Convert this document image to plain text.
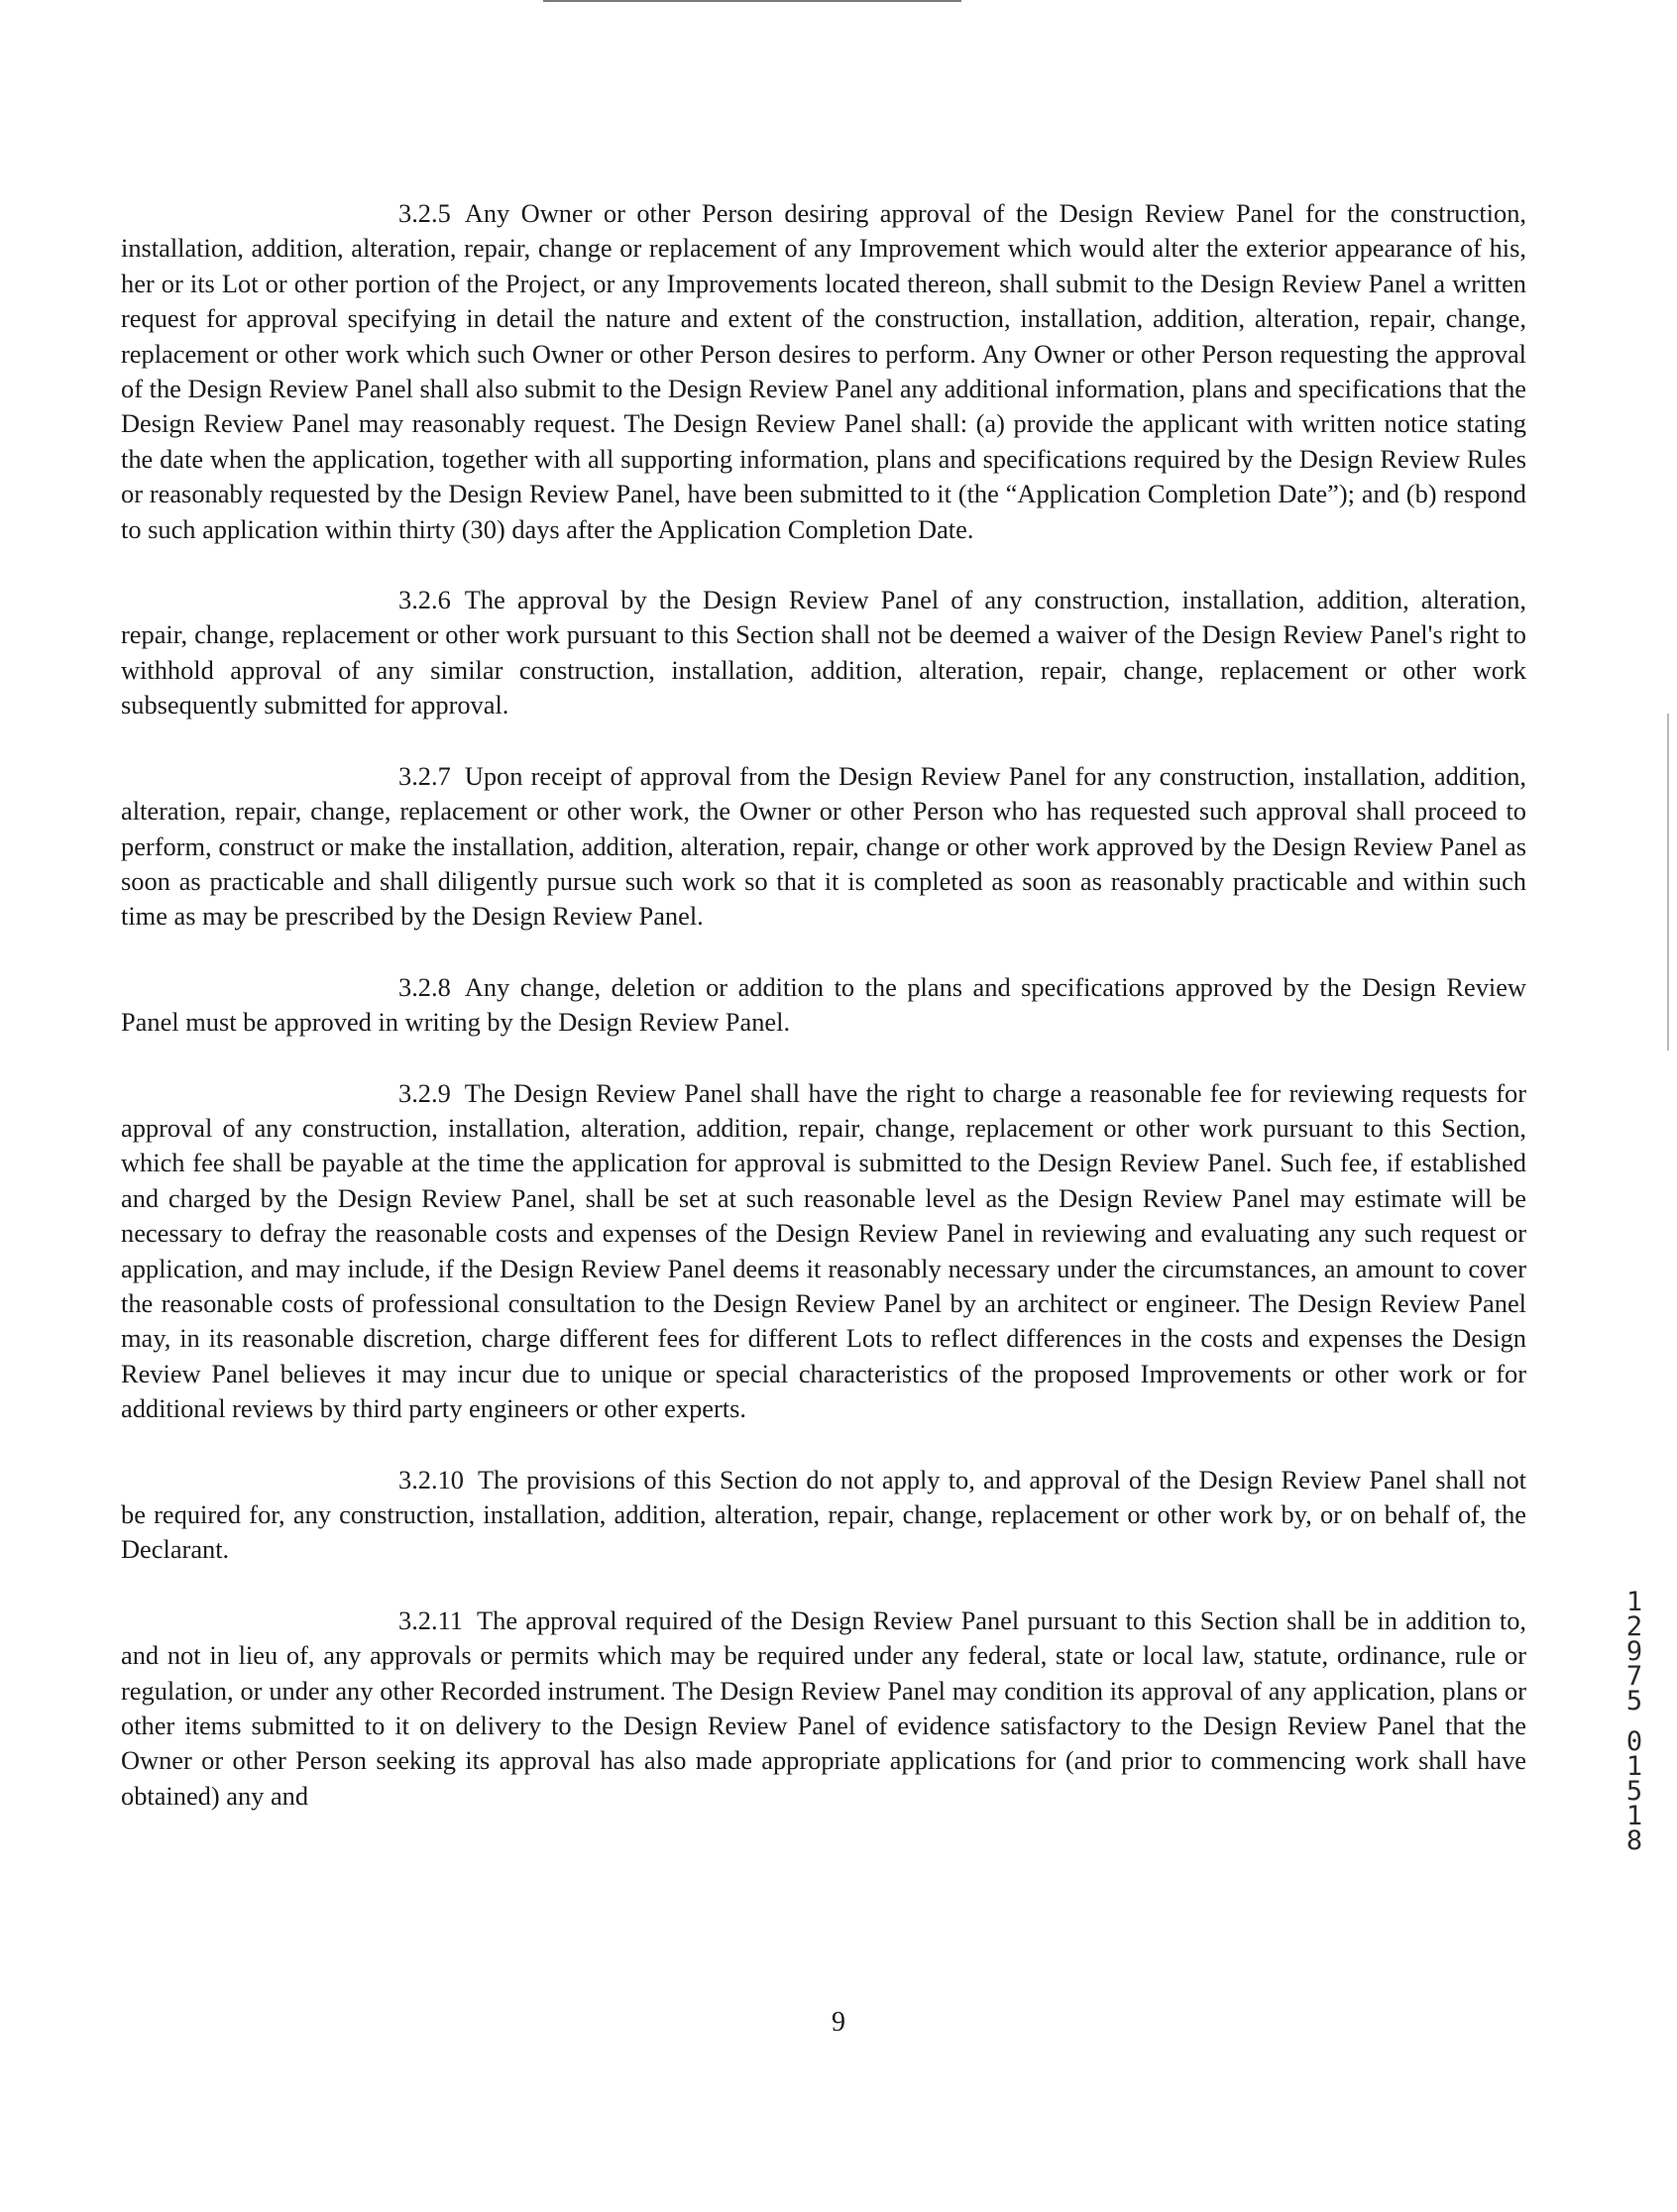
3.2.5 Any Owner or other Person desiring approval of the Design Review Panel for the construction, installation, addition, alteration, repair, change or replacement of any Improvement which would alter the exterior appearance of his, her or its Lot or other portion of the Project, or any Improvements located thereon, shall submit to the Design Review Panel a written request for approval specifying in detail the nature and extent of the construction, installation, addition, alteration, repair, change, replacement or other work which such Owner or other Person desires to perform. Any Owner or other Person requesting the approval of the Design Review Panel shall also submit to the Design Review Panel any additional information, plans and specifications that the Design Review Panel may reasonably request. The Design Review Panel shall: (a) provide the applicant with written notice stating the date when the application, together with all supporting information, plans and specifications required by the Design Review Rules or reasonably requested by the Design Review Panel, have been submitted to it (the “Application Completion Date”); and (b) respond to such application within thirty (30) days after the Application Completion Date.

3.2.6 The approval by the Design Review Panel of any construction, installation, addition, alteration, repair, change, replacement or other work pursuant to this Section shall not be deemed a waiver of the Design Review Panel's right to withhold approval of any similar construction, installation, addition, alteration, repair, change, replacement or other work subsequently submitted for approval.

3.2.7 Upon receipt of approval from the Design Review Panel for any construction, installation, addition, alteration, repair, change, replacement or other work, the Owner or other Person who has requested such approval shall proceed to perform, construct or make the installation, addition, alteration, repair, change or other work approved by the Design Review Panel as soon as practicable and shall diligently pursue such work so that it is completed as soon as reasonably practicable and within such time as may be prescribed by the Design Review Panel.

3.2.8 Any change, deletion or addition to the plans and specifications approved by the Design Review Panel must be approved in writing by the Design Review Panel.

3.2.9 The Design Review Panel shall have the right to charge a reasonable fee for reviewing requests for approval of any construction, installation, alteration, addition, repair, change, replacement or other work pursuant to this Section, which fee shall be payable at the time the application for approval is submitted to the Design Review Panel. Such fee, if established and charged by the Design Review Panel, shall be set at such reasonable level as the Design Review Panel may estimate will be necessary to defray the reasonable costs and expenses of the Design Review Panel in reviewing and evaluating any such request or application, and may include, if the Design Review Panel deems it reasonably necessary under the circumstances, an amount to cover the reasonable costs of professional consultation to the Design Review Panel by an architect or engineer. The Design Review Panel may, in its reasonable discretion, charge different fees for different Lots to reflect differences in the costs and expenses the Design Review Panel believes it may incur due to unique or special characteristics of the proposed Improvements or other work or for additional reviews by third party engineers or other experts.

3.2.10 The provisions of this Section do not apply to, and approval of the Design Review Panel shall not be required for, any construction, installation, addition, alteration, repair, change, replacement or other work by, or on behalf of, the Declarant.

3.2.11 The approval required of the Design Review Panel pursuant to this Section shall be in addition to, and not in lieu of, any approvals or permits which may be required under any federal, state or local law, statute, ordinance, rule or regulation, or under any other Recorded instrument. The Design Review Panel may condition its approval of any application, plans or other items submitted to it on delivery to the Design Review Panel of evidence satisfactory to the Design Review Panel that the Owner or other Person seeking its approval has also made appropriate applications for (and prior to commencing work shall have obtained) any and

1
2
9
7
5
0
1
5
1
8
9
